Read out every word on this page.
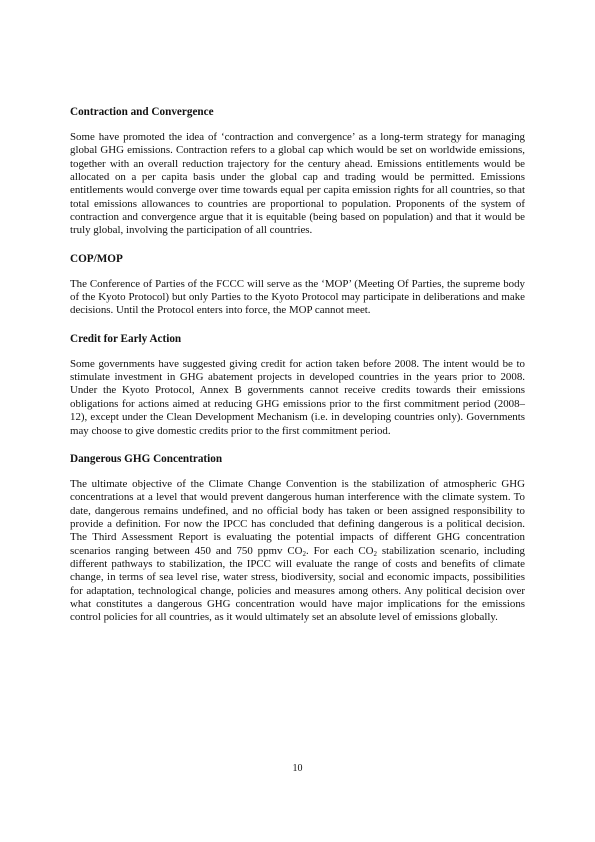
Contraction and Convergence

Some have promoted the idea of ‘contraction and convergence’ as a long-term strategy for managing global GHG emissions. Contraction refers to a global cap which would be set on worldwide emissions, together with an overall reduction trajectory for the century ahead. Emissions entitlements would be allocated on a per capita basis under the global cap and trading would be permitted. Emissions entitlements would converge over time towards equal per capita emission rights for all countries, so that total emissions allowances to countries are proportional to population. Proponents of the system of contraction and convergence argue that it is equitable (being based on population) and that it would be truly global, involving the participation of all countries.

COP/MOP

The Conference of Parties of the FCCC will serve as the ‘MOP’ (Meeting Of Parties, the supreme body of the Kyoto Protocol) but only Parties to the Kyoto Protocol may participate in deliberations and make decisions. Until the Protocol enters into force, the MOP cannot meet.

Credit for Early Action

Some governments have suggested giving credit for action taken before 2008. The intent would be to stimulate investment in GHG abatement projects in developed countries in the years prior to 2008. Under the Kyoto Protocol, Annex B governments cannot receive credits towards their emissions obligations for actions aimed at reducing GHG emissions prior to the first commitment period (2008–12), except under the Clean Development Mechanism (i.e. in developing countries only). Governments may choose to give domestic credits prior to the first commitment period.

Dangerous GHG Concentration

The ultimate objective of the Climate Change Convention is the stabilization of atmospheric GHG concentrations at a level that would prevent dangerous human interference with the climate system. To date, dangerous remains undefined, and no official body has taken or been assigned responsibility to provide a definition. For now the IPCC has concluded that defining dangerous is a political decision. The Third Assessment Report is evaluating the potential impacts of different GHG concentration scenarios ranging between 450 and 750 ppmv $CO_2$. For each $CO_2$ stabilization scenario, including different pathways to stabilization, the IPCC will evaluate the range of costs and benefits of climate change, in terms of sea level rise, water stress, biodiversity, social and economic impacts, possibilities for adaptation, technological change, policies and measures among others. Any political decision over what constitutes a dangerous GHG concentration would have major implications for the emissions control policies for all countries, as it would ultimately set an absolute level of emissions globally.

10
